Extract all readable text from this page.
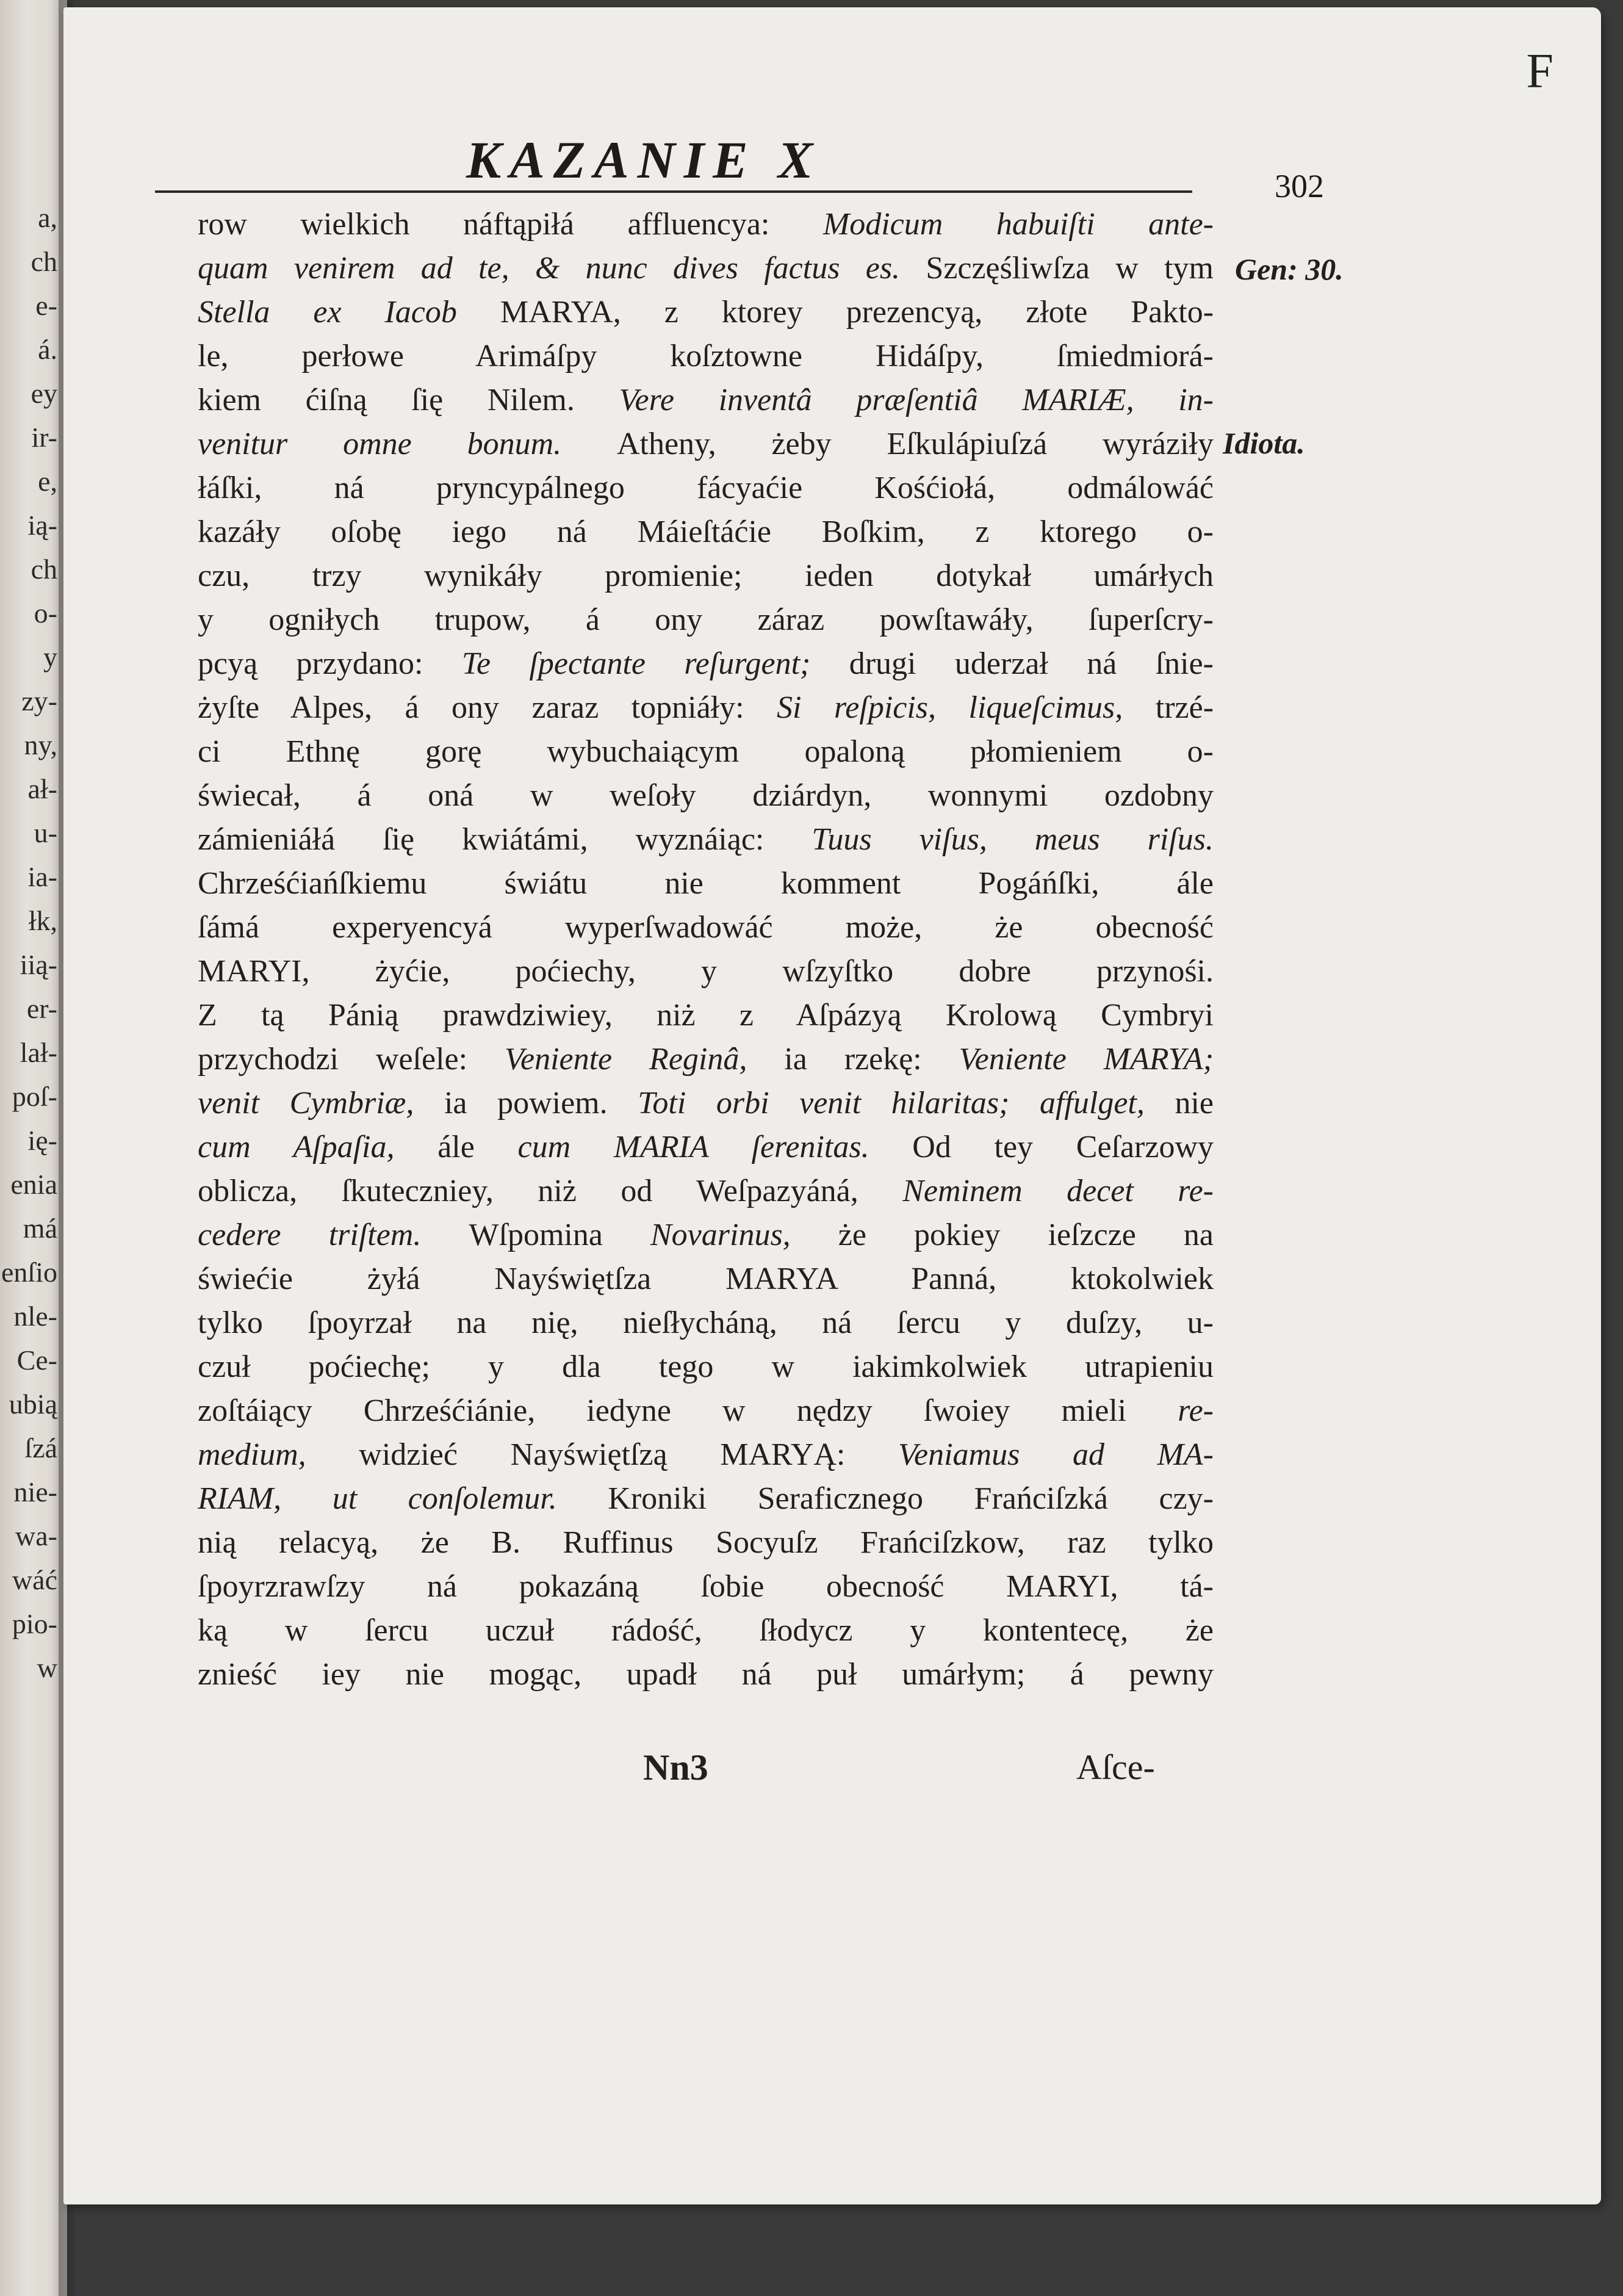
a,
ch
e-
á.
ey
ir-
e,
ią-
ch
o-
y
zy-
ny,
ał-
u-
ia-
łk,
iią-
er-
lał-
poſ-
ię-
enia
má
enſio
nle-
Ce-
ubią
ſzá
nie-
wa-
wáć
pio-
w
F
KAZANIE X	302
row wielkich náftąpiłá affluencya: Modicum habuiſti ante-
quam venirem ad te, & nunc dives factus es. Szczęśliwſza w tym
Stella ex Iacob MARYA, z ktorey prezencyą, złote Pakto-
le, perłowe Arimáſpy koſztowne Hidáſpy, ſmiedmiorá-
kiem ćiſną ſię Nilem. Vere inventâ præſentiâ MARIÆ, in-
venitur omne bonum. Atheny, żeby Eſkulápiuſzá wyráziły
łáſki, ná pryncypálnego fácyaćie Kośćiołá, odmálowáć
kazáły oſobę iego ná Máieſtáćie Boſkim, z ktorego o-
czu, trzy wynikáły promienie; ieden dotykał umárłych
y ogniłych trupow, á ony záraz powſtawáły, ſuperſcry-
pcyą przydano: Te ſpectante reſurgent; drugi uderzał ná ſnie-
żyſte Alpes, á ony zaraz topniáły: Si reſpicis, liqueſcimus, trzé-
ci Ethnę gorę wybuchaiącym opaloną płomieniem o-
świecał, á oná w weſoły dziárdyn, wonnymi ozdobny
zámieniáłá ſię kwiátámi, wyznáiąc: Tuus viſus, meus riſus.
Chrześćiańſkiemu świátu nie komment Pogáńſki, ále
ſámá experyencyá wyperſwadowáć może, że obecność
MARYI, żyćie, poćiechy, y wſzyſtko dobre przynośi.
Z tą Pánią prawdziwiey, niż z Aſpázyą Krolową Cymbryi
przychodzi weſele: Veniente Reginâ, ia rzekę: Veniente MARYA;
venit Cymbriæ, ia powiem. Toti orbi venit hilaritas; affulget, nie
cum Aſpaſia, ále cum MARIA ſerenitas. Od tey Ceſarzowy
oblicza, ſkuteczniey, niż od Weſpazyáná, Neminem decet re-
cedere triſtem. Wſpomina Novarinus, że pokiey ieſzcze na
świećie żyłá Nayświętſza MARYA Panná, ktokolwiek
tylko ſpoyrzał na nię, nieſłycháną, ná ſercu y duſzy, u-
czuł poćiechę; y dla tego w iakimkolwiek utrapieniu
zoſtáiący Chrześćiánie, iedyne w nędzy ſwoiey mieli re-
medium, widzieć Nayświętſzą MARYĄ: Veniamus ad MA-
RIAM, ut conſolemur. Kroniki Seraficznego Frańciſzká czy-
nią relacyą, że B. Ruffinus Socyuſz Frańciſzkow, raz tylko
ſpoyrzrawſzy ná pokazáną ſobie obecność MARYI, tá-
ką w ſercu uczuł rádość, ſłodycz y kontentecę, że
znieść iey nie mogąc, upadł ná puł umárłym; á pewny
Gen: 30.
Idiota.
Nn3	Aſce-
